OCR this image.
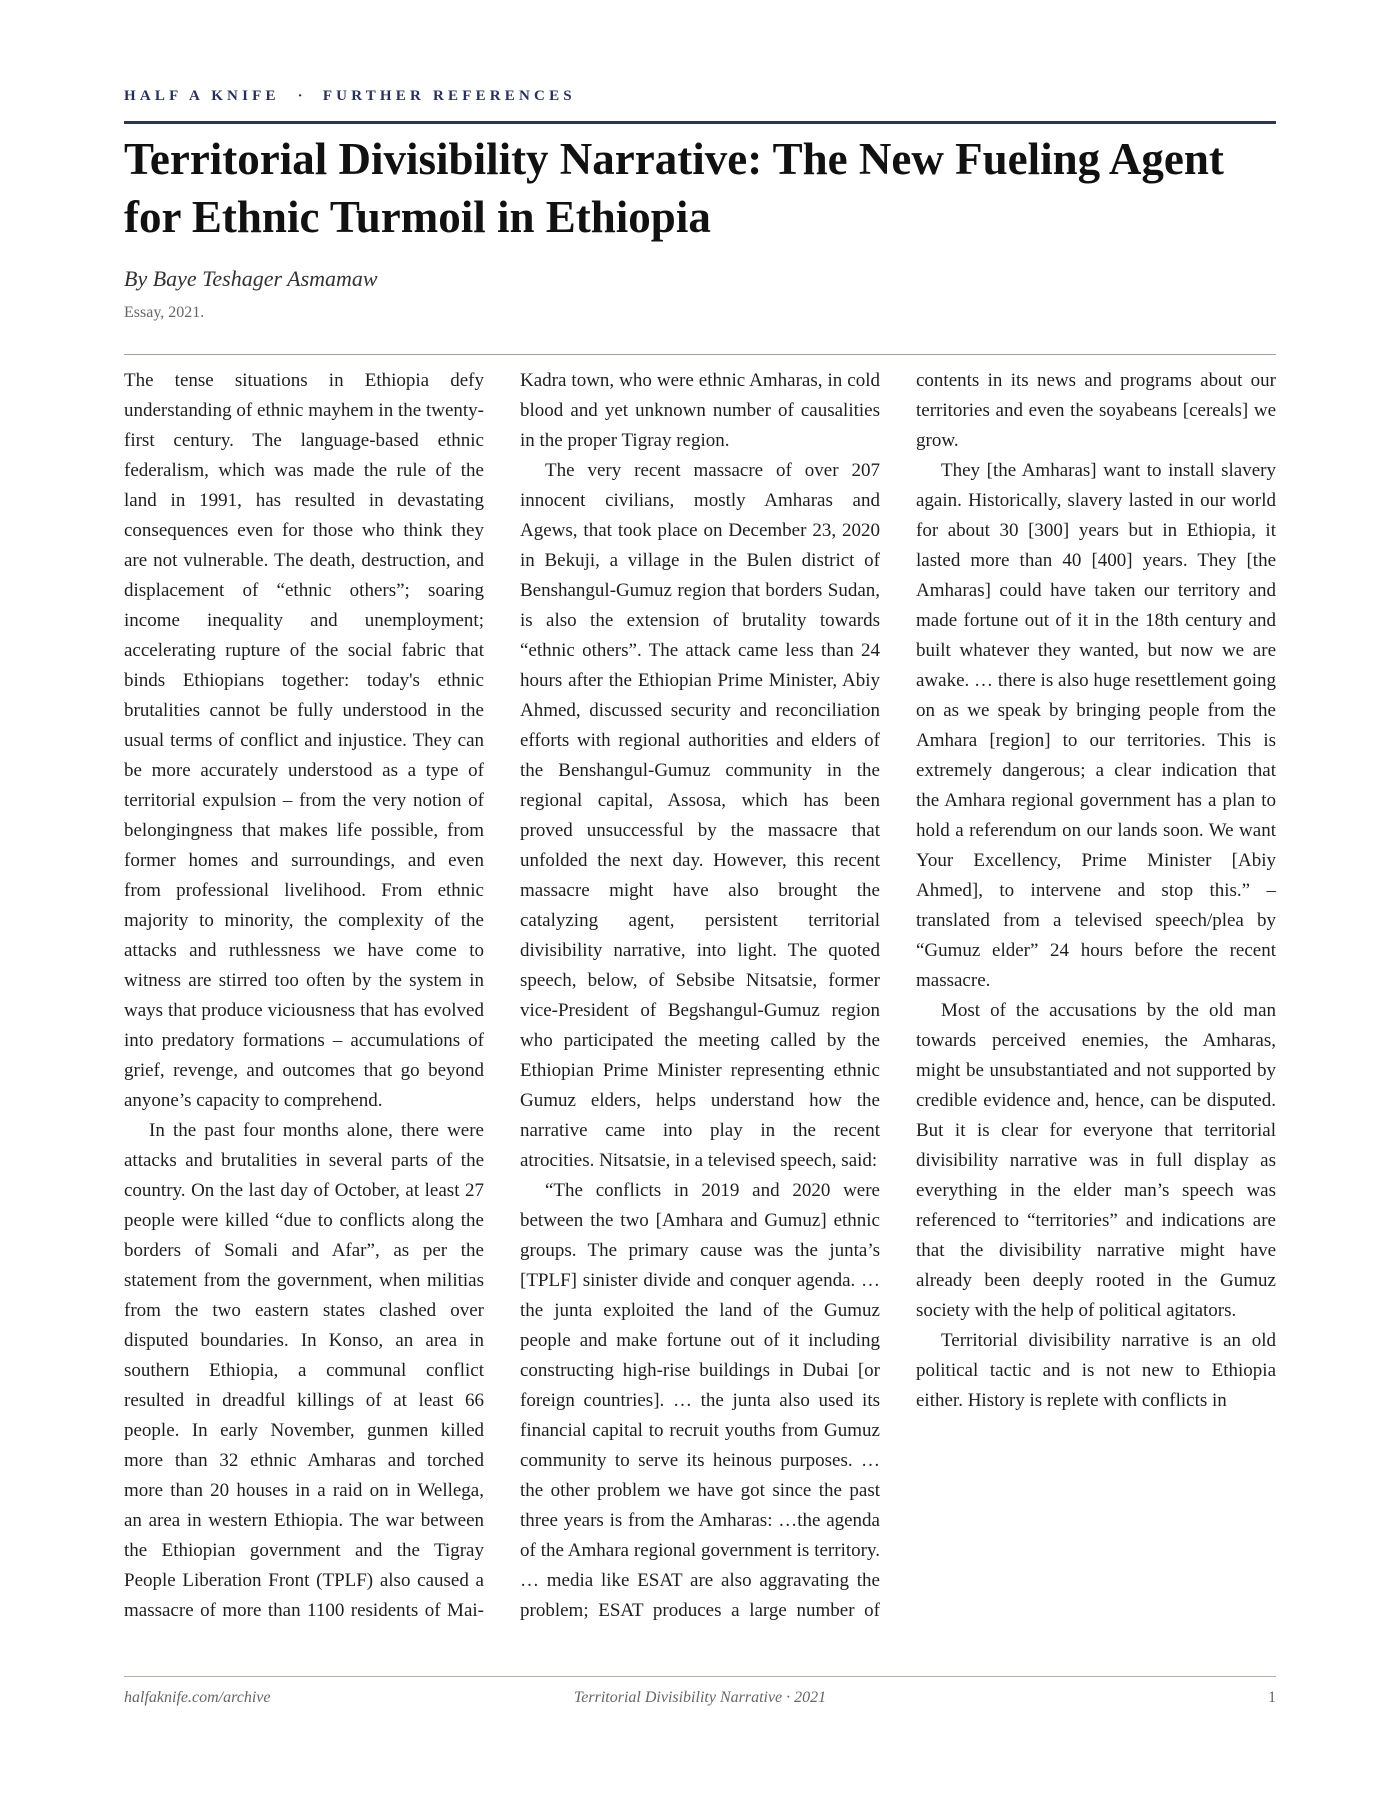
HALF A KNIFE · FURTHER REFERENCES
Territorial Divisibility Narrative: The New Fueling Agent for Ethnic Turmoil in Ethiopia
By Baye Teshager Asmamaw
Essay, 2021.

The tense situations in Ethiopia defy understanding of ethnic mayhem in the twenty-first century. The language-based ethnic federalism, which was made the rule of the land in 1991, has resulted in devastating consequences even for those who think they are not vulnerable. The death, destruction, and displacement of “ethnic others”; soaring income inequality and unemployment; accelerating rupture of the social fabric that binds Ethiopians together: today's ethnic brutalities cannot be fully understood in the usual terms of conflict and injustice. They can be more accurately understood as a type of territorial expulsion – from the very notion of belongingness that makes life possible, from former homes and surroundings, and even from professional livelihood. From ethnic majority to minority, the complexity of the attacks and ruthlessness we have come to witness are stirred too often by the system in ways that produce viciousness that has evolved into predatory formations – accumulations of grief, revenge, and outcomes that go beyond anyone’s capacity to comprehend.

In the past four months alone, there were attacks and brutalities in several parts of the country. On the last day of October, at least 27 people were killed “due to conflicts along the borders of Somali and Afar”, as per the statement from the government, when militias from the two eastern states clashed over disputed boundaries. In Konso, an area in southern Ethiopia, a communal conflict resulted in dreadful killings of at least 66 people. In early November, gunmen killed more than 32 ethnic Amharas and torched more than 20 houses in a raid on in Wellega, an area in western Ethiopia. The war between the Ethiopian government and the Tigray People Liberation Front (TPLF) also caused a massacre of more than 1100 residents of Mai-Kadra town, who were ethnic Amharas, in cold blood and yet unknown number of causalities in the proper Tigray region.

The very recent massacre of over 207 innocent civilians, mostly Amharas and Agews, that took place on December 23, 2020 in Bekuji, a village in the Bulen district of Benshangul-Gumuz region that borders Sudan, is also the extension of brutality towards “ethnic others”. The attack came less than 24 hours after the Ethiopian Prime Minister, Abiy Ahmed, discussed security and reconciliation efforts with regional authorities and elders of the Benshangul-Gumuz community in the regional capital, Assosa, which has been proved unsuccessful by the massacre that unfolded the next day. However, this recent massacre might have also brought the catalyzing agent, persistent territorial divisibility narrative, into light. The quoted speech, below, of Sebsibe Nitsatsie, former vice-President of Begshangul-Gumuz region who participated the meeting called by the Ethiopian Prime Minister representing ethnic Gumuz elders, helps understand how the narrative came into play in the recent atrocities. Nitsatsie, in a televised speech, said:

“The conflicts in 2019 and 2020 were between the two [Amhara and Gumuz] ethnic groups. The primary cause was the junta’s [TPLF] sinister divide and conquer agenda. … the junta exploited the land of the Gumuz people and make fortune out of it including constructing high-rise buildings in Dubai [or foreign countries]. … the junta also used its financial capital to recruit youths from Gumuz community to serve its heinous purposes. … the other problem we have got since the past three years is from the Amharas: …the agenda of the Amhara regional government is territory. … media like ESAT are also aggravating the problem; ESAT produces a large number of contents in its news and programs about our territories and even the soyabeans [cereals] we grow.

They [the Amharas] want to install slavery again. Historically, slavery lasted in our world for about 30 [300] years but in Ethiopia, it lasted more than 40 [400] years. They [the Amharas] could have taken our territory and made fortune out of it in the 18th century and built whatever they wanted, but now we are awake. … there is also huge resettlement going on as we speak by bringing people from the Amhara [region] to our territories. This is extremely dangerous; a clear indication that the Amhara regional government has a plan to hold a referendum on our lands soon. We want Your Excellency, Prime Minister [Abiy Ahmed], to intervene and stop this.” – translated from a televised speech/plea by “Gumuz elder” 24 hours before the recent massacre.

Most of the accusations by the old man towards perceived enemies, the Amharas, might be unsubstantiated and not supported by credible evidence and, hence, can be disputed. But it is clear for everyone that territorial divisibility narrative was in full display as everything in the elder man’s speech was referenced to “territories” and indications are that the divisibility narrative might have already been deeply rooted in the Gumuz society with the help of political agitators.

Territorial divisibility narrative is an old political tactic and is not new to Ethiopia either. History is replete with conflicts in

halfaknife.com/archive	Territorial Divisibility Narrative · 2021	1
